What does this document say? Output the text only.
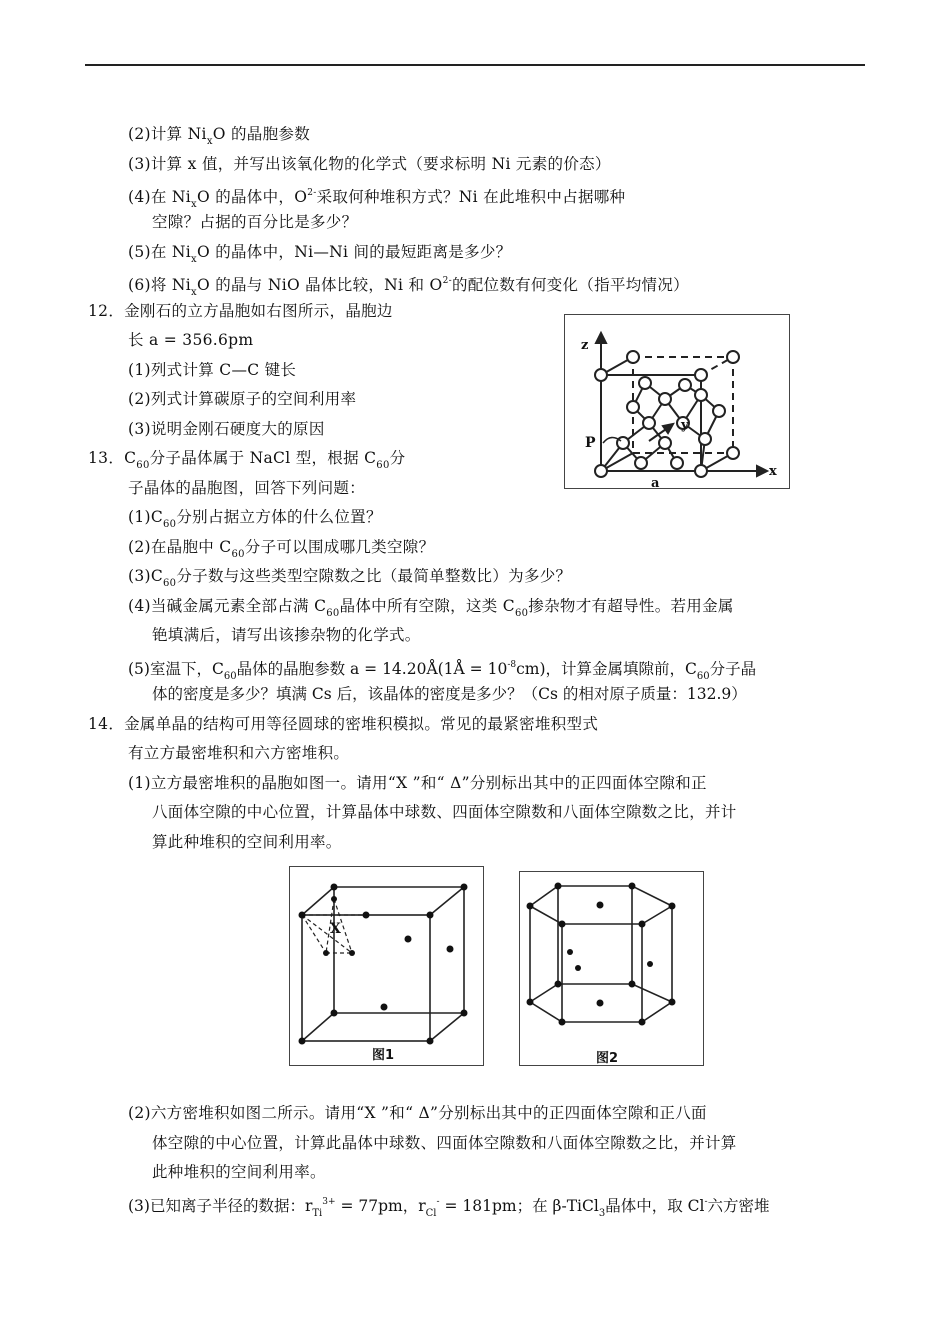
(2)计算 $Ni_xO$ 的晶胞参数
(3)计算 x 值，并写出该氧化物的化学式（要求标明 Ni 元素的价态）
(4)在 $Ni_xO$ 的晶体中，$O^{2-}$采取何种堆积方式？Ni 在此堆积中占据哪种
空隙？占据的百分比是多少？
(5)在 $Ni_xO$ 的晶体中，Ni—Ni 间的最短距离是多少？
(6)将 $Ni_xO$ 的晶与 NiO 晶体比较，Ni 和 $O^{2-}$的配位数有何变化（指平均情况）
12．金刚石的立方晶胞如右图所示，晶胞边
长 a = 356.6pm
(1)列式计算 C—C 键长
(2)列式计算碳原子的空间利用率
(3)说明金刚石硬度大的原因
z
y
x
P
a
13．$C_{60}$分子晶体属于 NaCl 型，根据 $C_{60}$分
子晶体的晶胞图，回答下列问题：
$(1)C_{60}$分别占据立方体的什么位置？
(2)在晶胞中 $C_{60}$分子可以围成哪几类空隙？
$(3)C_{60}$分子数与这些类型空隙数之比（最简单整数比）为多少？
(4)当碱金属元素全部占满 $C_{60}$晶体中所有空隙，这类 $C_{60}$掺杂物才有超导性。若用金属
铯填满后，请写出该掺杂物的化学式。
(5)室温下，$C_{60}$晶体的晶胞参数 a = 14.20Å(1Å = $10^{-8}cm$)，计算金属填隙前，$C_{60}$分子晶
体的密度是多少？填满 Cs 后，该晶体的密度是多少？（Cs 的相对原子质量：132.9）
14．金属单晶的结构可用等径圆球的密堆积模拟。常见的最紧密堆积型式
有立方最密堆积和六方密堆积。
(1)立方最密堆积的晶胞如图一。请用“X ”和“ Δ”分别标出其中的正四面体空隙和正
八面体空隙的中心位置，计算晶体中球数、四面体空隙数和八面体空隙数之比，并计
算此种堆积的空间利用率。
X
图1	图2
(2)六方密堆积如图二所示。请用“X ”和“ Δ”分别标出其中的正四面体空隙和正八面
体空隙的中心位置，计算此晶体中球数、四面体空隙数和八面体空隙数之比，并计算
此种堆积的空间利用率。
(3)已知离子半径的数据：$r_{Ti}^{3+} = 77pm$，$r_{Cl}^- = 181pm$；在 β-TiCl$_3$晶体中，取 Cl-六方密堆
